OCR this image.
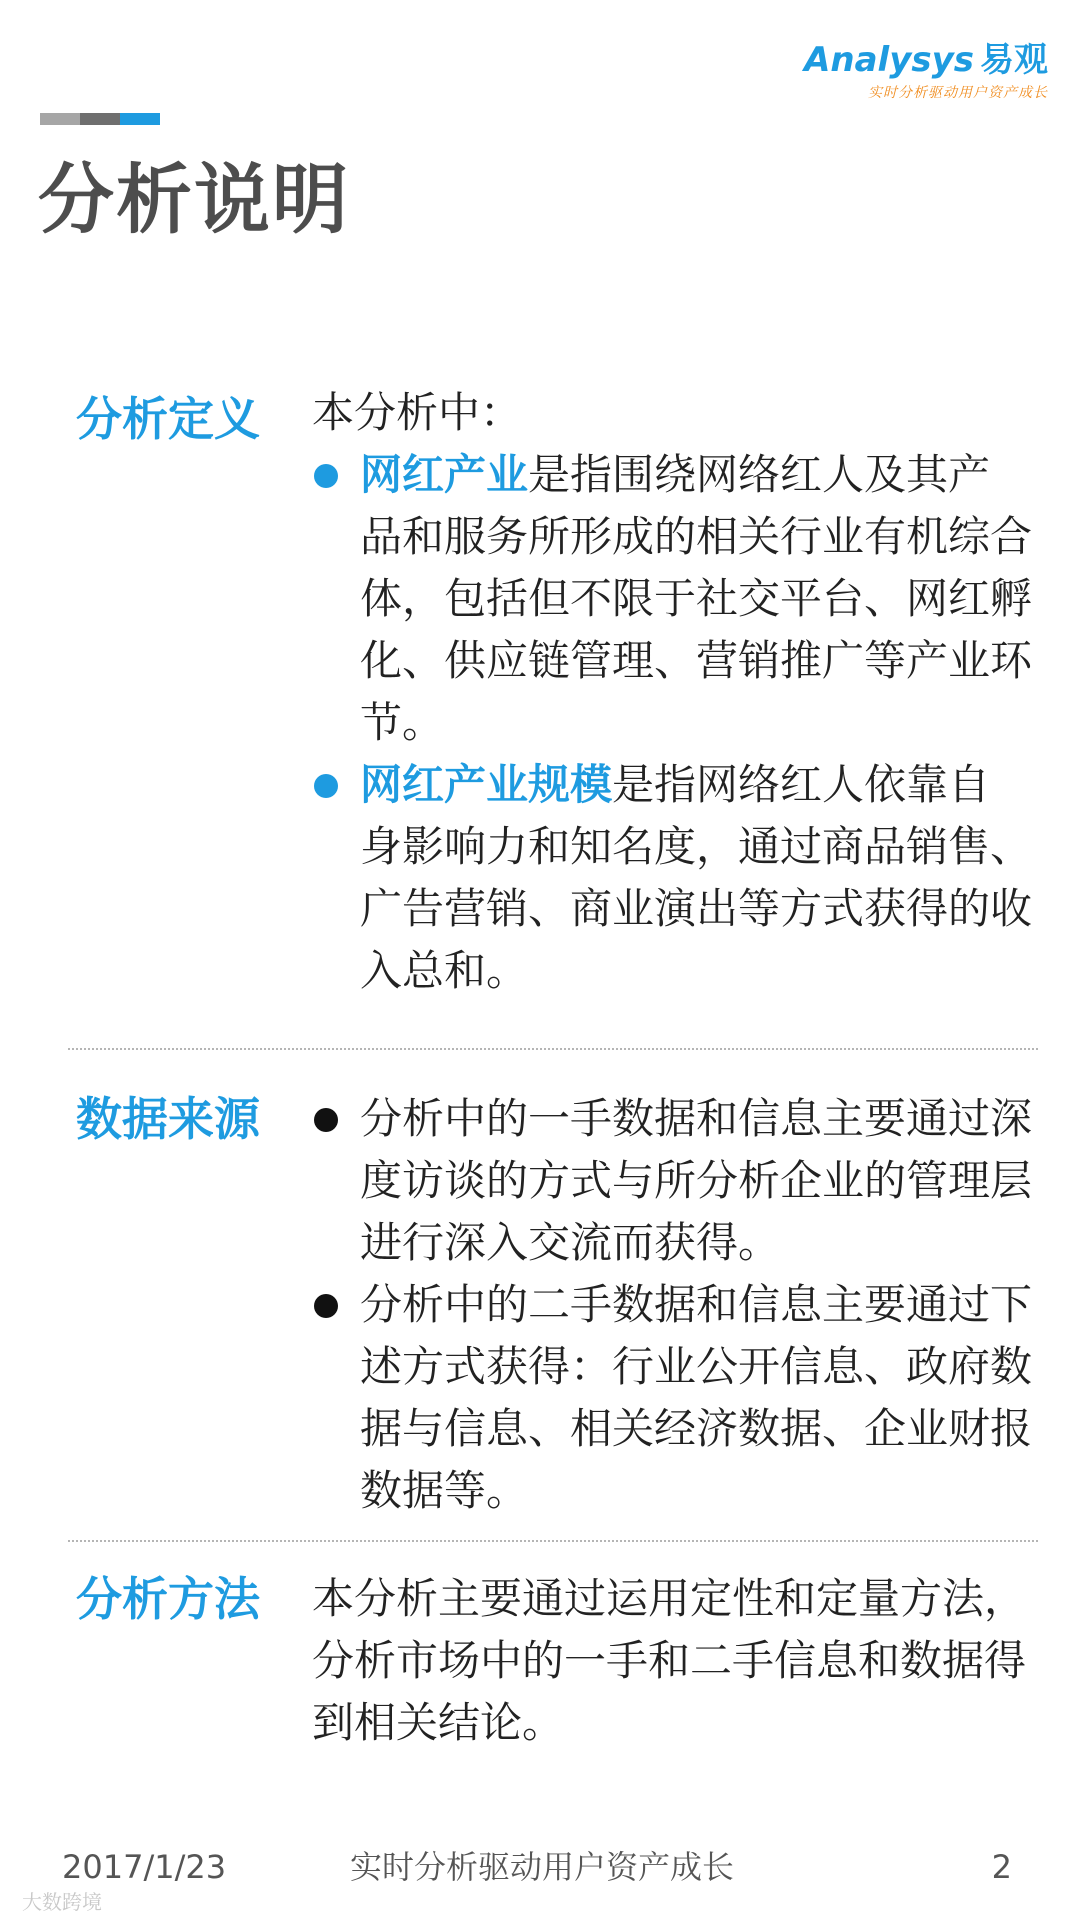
Analysys 易观
实时分析驱动用户资产成长
分析说明
分析定义 本分析中：

网红产业是指围绕网络红人及其产品和服务所形成的相关行业有机综合体，包括但不限于社交平台、网红孵化、供应链管理、营销推广等产业环节。

网红产业规模是指网络红人依靠自身影响力和知名度，通过商品销售、广告营销、商业演出等方式获得的收入总和。

数据来源	分析中的一手数据和信息主要通过深度访谈的方式与所分析企业的管理层进行深入交流而获得。

分析中的二手数据和信息主要通过下述方式获得：行业公开信息、政府数据与信息、相关经济数据、企业财报数据等。

分析方法 本分析主要通过运用定性和定量方法，分析市场中的一手和二手信息和数据得到相关结论。

2017/1/23	实时分析驱动用户资产成长	2
大数跨境
